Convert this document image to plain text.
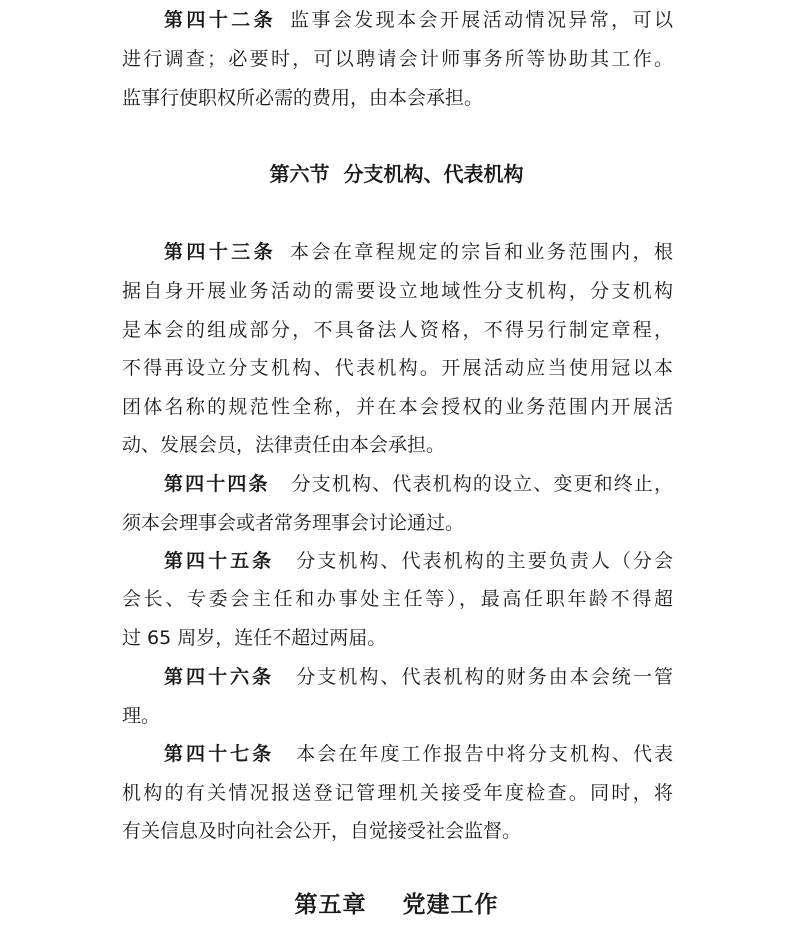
第四十二条 监事会发现本会开展活动情况异常，可以
进行调查；必要时，可以聘请会计师事务所等协助其工作。
监事行使职权所必需的费用，由本会承担。
第六节  分支机构、代表机构
第四十三条 本会在章程规定的宗旨和业务范围内，根
据自身开展业务活动的需要设立地域性分支机构，分支机构
是本会的组成部分，不具备法人资格，不得另行制定章程，
不得再设立分支机构、代表机构。开展活动应当使用冠以本
团体名称的规范性全称，并在本会授权的业务范围内开展活
动、发展会员，法律责任由本会承担。
第四十四条 分支机构、代表机构的设立、变更和终止，
须本会理事会或者常务理事会讨论通过。
第四十五条 分支机构、代表机构的主要负责人（分会
会长、专委会主任和办事处主任等），最高任职年龄不得超
过 65 周岁，连任不超过两届。
第四十六条 分支机构、代表机构的财务由本会统一管
理。
第四十七条 本会在年度工作报告中将分支机构、代表
机构的有关情况报送登记管理机关接受年度检查。同时，将
有关信息及时向社会公开，自觉接受社会监督。
第五章    党建工作
